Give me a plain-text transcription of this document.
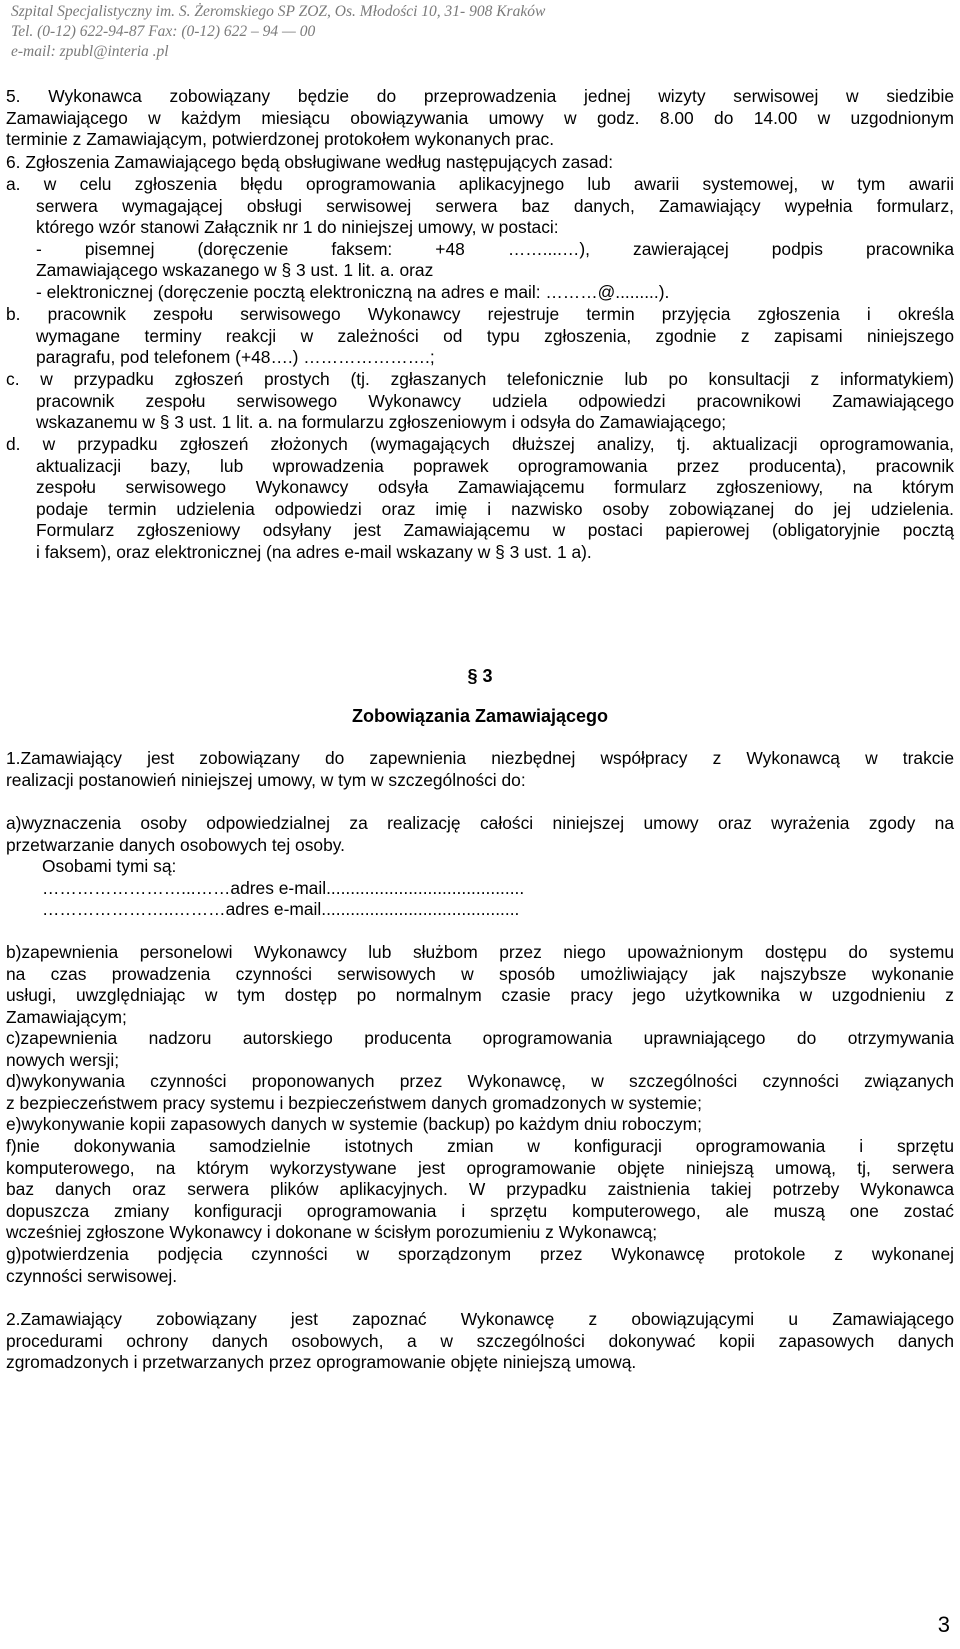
Szpital Specjalistyczny im. S. Żeromskiego SP ZOZ, Os. Młodości 10, 31- 908 Kraków
Tel. (0-12) 622-94-87 Fax: (0-12) 622 – 94 — 00
e-mail: zpubl@interia .pl
5. Wykonawca zobowiązany będzie do przeprowadzenia jednej wizyty serwisowej w siedzibie
Zamawiającego w każdym miesiącu obowiązywania umowy w godz. 8.00 do 14.00 w uzgodnionym
terminie z Zamawiającym, potwierdzonej protokołem wykonanych prac.
6. Zgłoszenia Zamawiającego będą obsługiwane według następujących zasad:
a. w celu zgłoszenia błędu oprogramowania aplikacyjnego lub awarii systemowej, w tym awarii
serwera wymagającej obsługi serwisowej serwera baz danych, Zamawiający wypełnia formularz,
którego wzór stanowi Załącznik nr 1 do niniejszej umowy, w postaci:
- pisemnej (doręczenie faksem: +48 ……....…), zawierającej podpis pracownika
Zamawiającego wskazanego w § 3 ust. 1 lit. a. oraz
- elektronicznej (doręczenie pocztą elektroniczną na adres e mail: ………@.........).
b. pracownik zespołu serwisowego Wykonawcy rejestruje termin przyjęcia zgłoszenia i określa
wymagane terminy reakcji w zależności od typu zgłoszenia, zgodnie z zapisami niniejszego
paragrafu, pod telefonem (+48….) ………………….;
c. w przypadku zgłoszeń prostych (tj. zgłaszanych telefonicznie lub po konsultacji z informatykiem)
pracownik zespołu serwisowego Wykonawcy udziela odpowiedzi pracownikowi Zamawiającego
wskazanemu w § 3 ust. 1 lit. a. na formularzu zgłoszeniowym i odsyła do Zamawiającego;
d. w przypadku zgłoszeń złożonych (wymagających dłuższej analizy, tj. aktualizacji oprogramowania,
aktualizacji bazy, lub wprowadzenia poprawek oprogramowania przez producenta), pracownik
zespołu serwisowego Wykonawcy odsyła Zamawiającemu formularz zgłoszeniowy, na którym
podaje termin udzielenia odpowiedzi oraz imię i nazwisko osoby zobowiązanej do jej udzielenia.
Formularz zgłoszeniowy odsyłany jest Zamawiającemu w postaci papierowej (obligatoryjnie pocztą
i faksem), oraz elektronicznej (na adres e-mail wskazany w § 3 ust. 1 a).
§ 3
Zobowiązania Zamawiającego
1.Zamawiający jest zobowiązany do zapewnienia niezbędnej współpracy z Wykonawcą w trakcie
realizacji postanowień niniejszej umowy, w tym w szczególności do:
a)wyznaczenia osoby odpowiedzialnej za realizację całości niniejszej umowy oraz wyrażenia zgody na
przetwarzanie danych osobowych tej osoby.
Osobami tymi są:
……………………...……adres e-mail.........................................
…………………..………adres e-mail.........................................
b)zapewnienia personelowi Wykonawcy lub służbom przez niego upoważnionym dostępu do systemu
na czas prowadzenia czynności serwisowych w sposób umożliwiający jak najszybsze wykonanie
usługi, uwzględniając w tym dostęp po normalnym czasie pracy jego użytkownika w uzgodnieniu z
Zamawiającym;
c)zapewnienia nadzoru autorskiego producenta oprogramowania uprawniającego do otrzymywania
nowych wersji;
d)wykonywania czynności proponowanych przez Wykonawcę, w szczególności czynności związanych
z bezpieczeństwem pracy systemu i bezpieczeństwem danych gromadzonych w systemie;
e)wykonywanie kopii zapasowych danych w systemie (backup) po każdym dniu roboczym;
f)nie dokonywania samodzielnie istotnych zmian w konfiguracji oprogramowania i sprzętu
komputerowego, na którym wykorzystywane jest oprogramowanie objęte niniejszą umową, tj, serwera
baz danych oraz serwera plików aplikacyjnych. W przypadku zaistnienia takiej potrzeby Wykonawca
dopuszcza zmiany konfiguracji oprogramowania i sprzętu komputerowego, ale muszą one zostać
wcześniej zgłoszone Wykonawcy i dokonane w ścisłym porozumieniu z Wykonawcą;
g)potwierdzenia podjęcia czynności w sporządzonym przez Wykonawcę protokole z wykonanej
czynności serwisowej.
2.Zamawiający zobowiązany jest zapoznać Wykonawcę z obowiązującymi u Zamawiającego
procedurami ochrony danych osobowych, a w szczególności dokonywać kopii zapasowych danych
zgromadzonych i przetwarzanych przez oprogramowanie objęte niniejszą umową.
3
